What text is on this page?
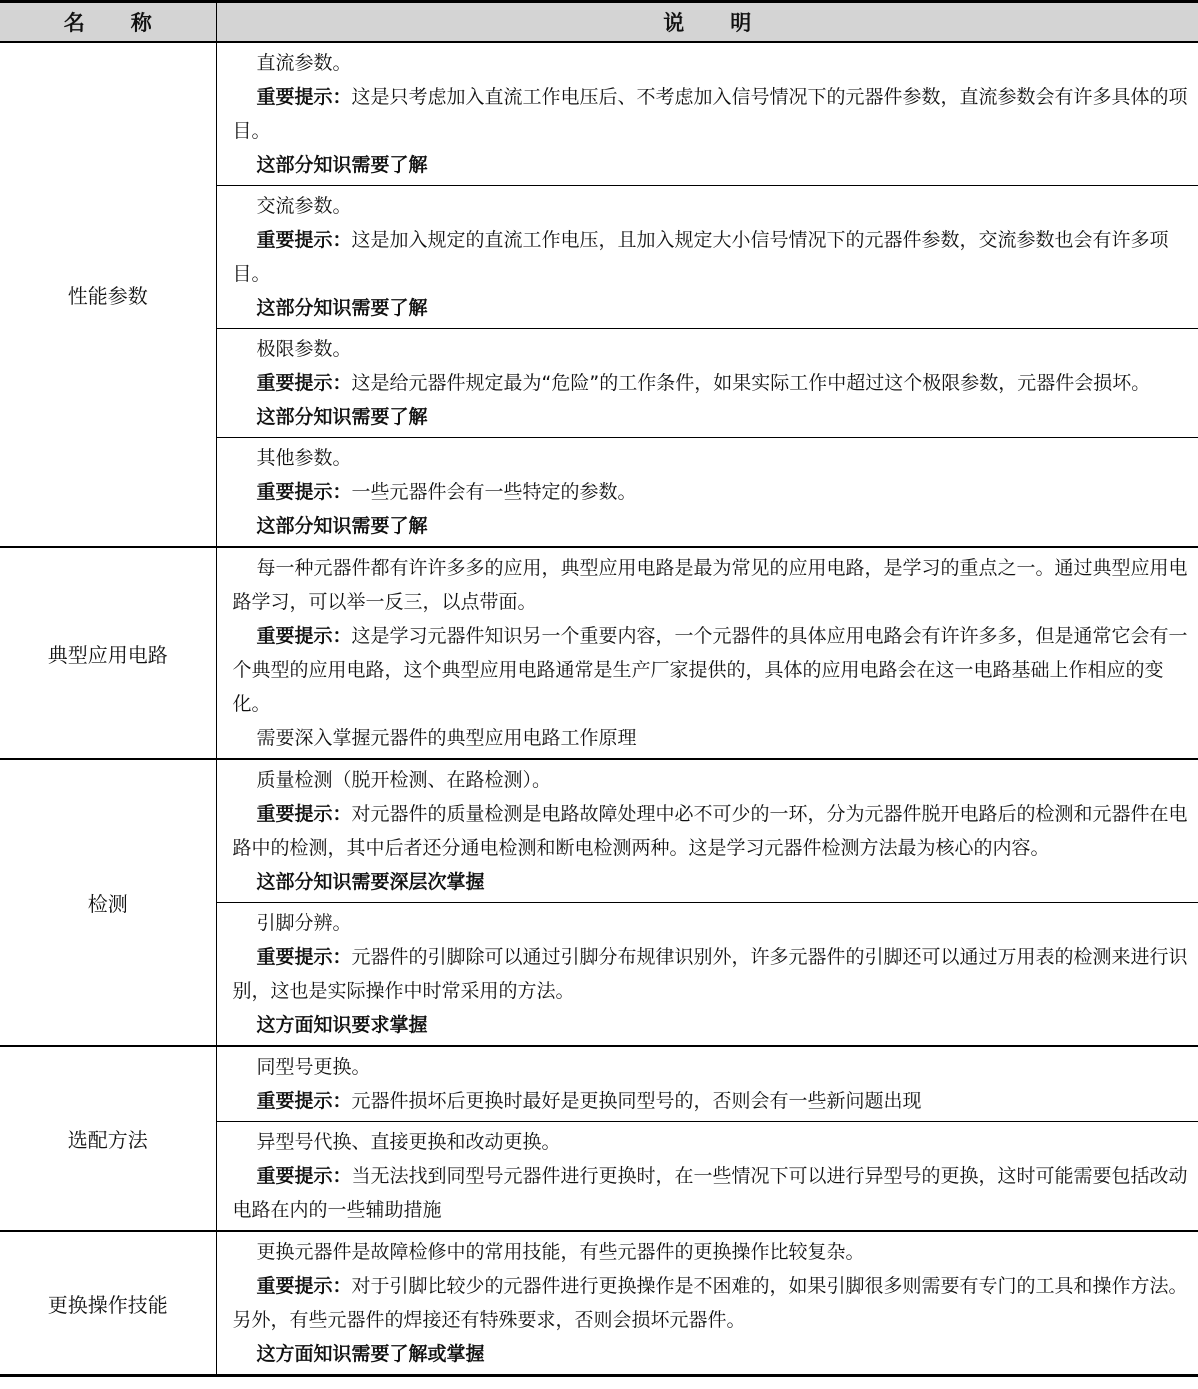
名称	说明
性能参数	直流参数。

重要提示：这是只考虑加入直流工作电压后、不考虑加入信号情况下的元器件参数，直流参数会有许多具体的项目。

这部分知识需要了解

	交流参数。

重要提示：这是加入规定的直流工作电压，且加入规定大小信号情况下的元器件参数，交流参数也会有许多项目。

这部分知识需要了解

	极限参数。

重要提示：这是给元器件规定最为“危险”的工作条件，如果实际工作中超过这个极限参数，元器件会损坏。

这部分知识需要了解

	其他参数。

重要提示：一些元器件会有一些特定的参数。

这部分知识需要了解

典型应用电路	每一种元器件都有许许多多的应用，典型应用电路是最为常见的应用电路，是学习的重点之一。通过典型应用电路学习，可以举一反三，以点带面。

重要提示：这是学习元器件知识另一个重要内容，一个元器件的具体应用电路会有许许多多，但是通常它会有一个典型的应用电路，这个典型应用电路通常是生产厂家提供的，具体的应用电路会在这一电路基础上作相应的变化。

需要深入掌握元器件的典型应用电路工作原理

检测	质量检测（脱开检测、在路检测）。

重要提示：对元器件的质量检测是电路故障处理中必不可少的一环，分为元器件脱开电路后的检测和元器件在电路中的检测，其中后者还分通电检测和断电检测两种。这是学习元器件检测方法最为核心的内容。

这部分知识需要深层次掌握

	引脚分辨。

重要提示：元器件的引脚除可以通过引脚分布规律识别外，许多元器件的引脚还可以通过万用表的检测来进行识别，这也是实际操作中时常采用的方法。

这方面知识要求掌握

选配方法	同型号更换。

重要提示：元器件损坏后更换时最好是更换同型号的，否则会有一些新问题出现

	异型号代换、直接更换和改动更换。

重要提示：当无法找到同型号元器件进行更换时，在一些情况下可以进行异型号的更换，这时可能需要包括改动电路在内的一些辅助措施

更换操作技能	更换元器件是故障检修中的常用技能，有些元器件的更换操作比较复杂。

重要提示：对于引脚比较少的元器件进行更换操作是不困难的，如果引脚很多则需要有专门的工具和操作方法。另外，有些元器件的焊接还有特殊要求，否则会损坏元器件。

这方面知识需要了解或掌握
